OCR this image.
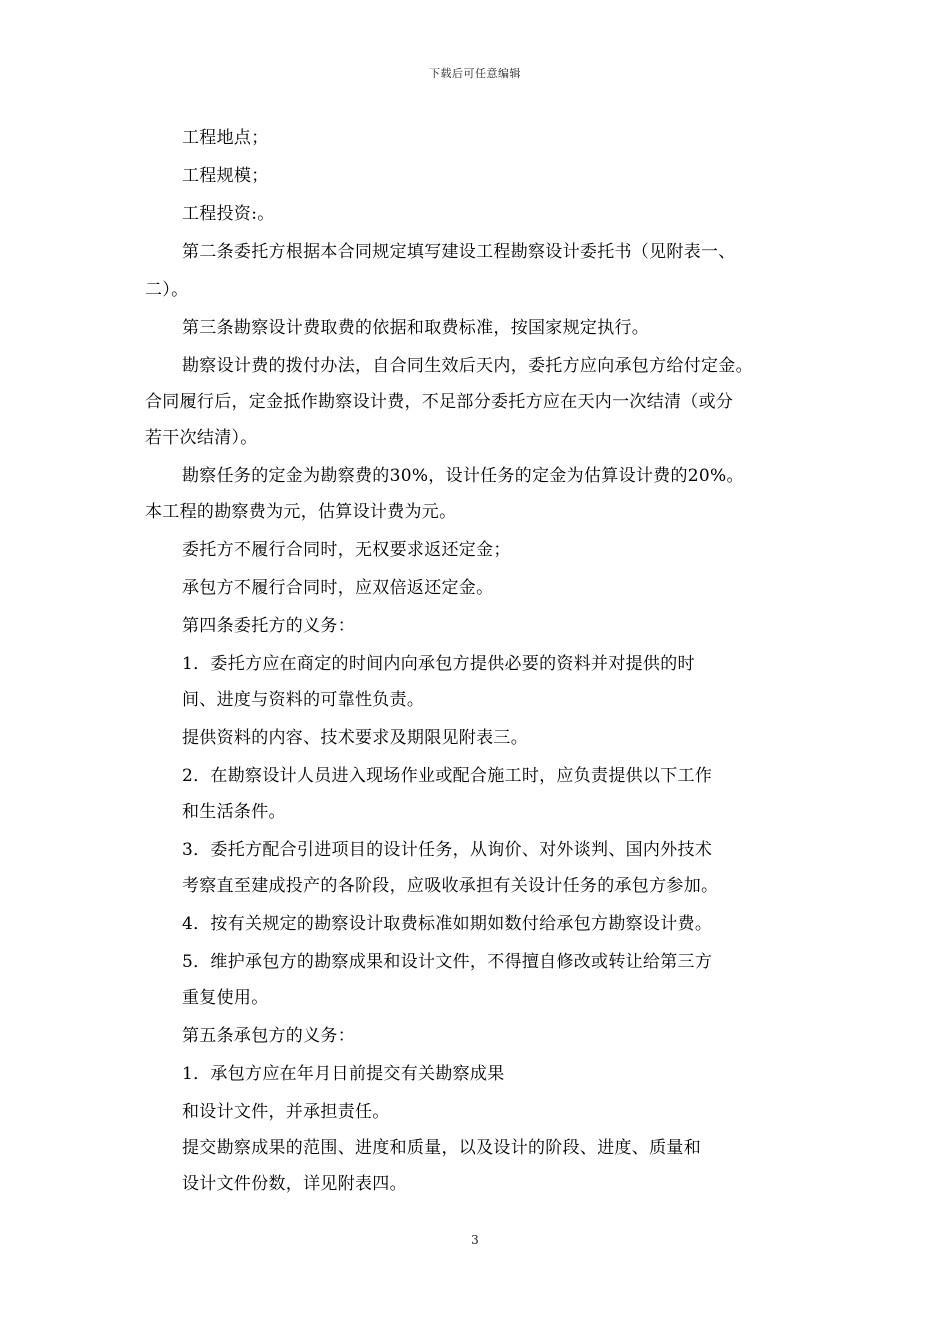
下载后可任意编辑
工程地点；
工程规模；
工程投资:。
第二条委托方根据本合同规定填写建设工程勘察设计委托书（见附表一、
二）。
第三条勘察设计费取费的依据和取费标准，按国家规定执行。
勘察设计费的拨付办法，自合同生效后天内，委托方应向承包方给付定金。
合同履行后，定金抵作勘察设计费，不足部分委托方应在天内一次结清（或分
若干次结清）。
勘察任务的定金为勘察费的30%，设计任务的定金为估算设计费的20%。
本工程的勘察费为元，估算设计费为元。
委托方不履行合同时，无权要求返还定金；
承包方不履行合同时，应双倍返还定金。
第四条委托方的义务：
1．委托方应在商定的时间内向承包方提供必要的资料并对提供的时
间、进度与资料的可靠性负责。
提供资料的内容、技术要求及期限见附表三。
2．在勘察设计人员进入现场作业或配合施工时，应负责提供以下工作
和生活条件。
3．委托方配合引进项目的设计任务，从询价、对外谈判、国内外技术
考察直至建成投产的各阶段，应吸收承担有关设计任务的承包方参加。
4．按有关规定的勘察设计取费标准如期如数付给承包方勘察设计费。
5．维护承包方的勘察成果和设计文件，不得擅自修改或转让给第三方
重复使用。
第五条承包方的义务：
1．承包方应在年月日前提交有关勘察成果
和设计文件，并承担责任。
提交勘察成果的范围、进度和质量，以及设计的阶段、进度、质量和
设计文件份数，详见附表四。
3
